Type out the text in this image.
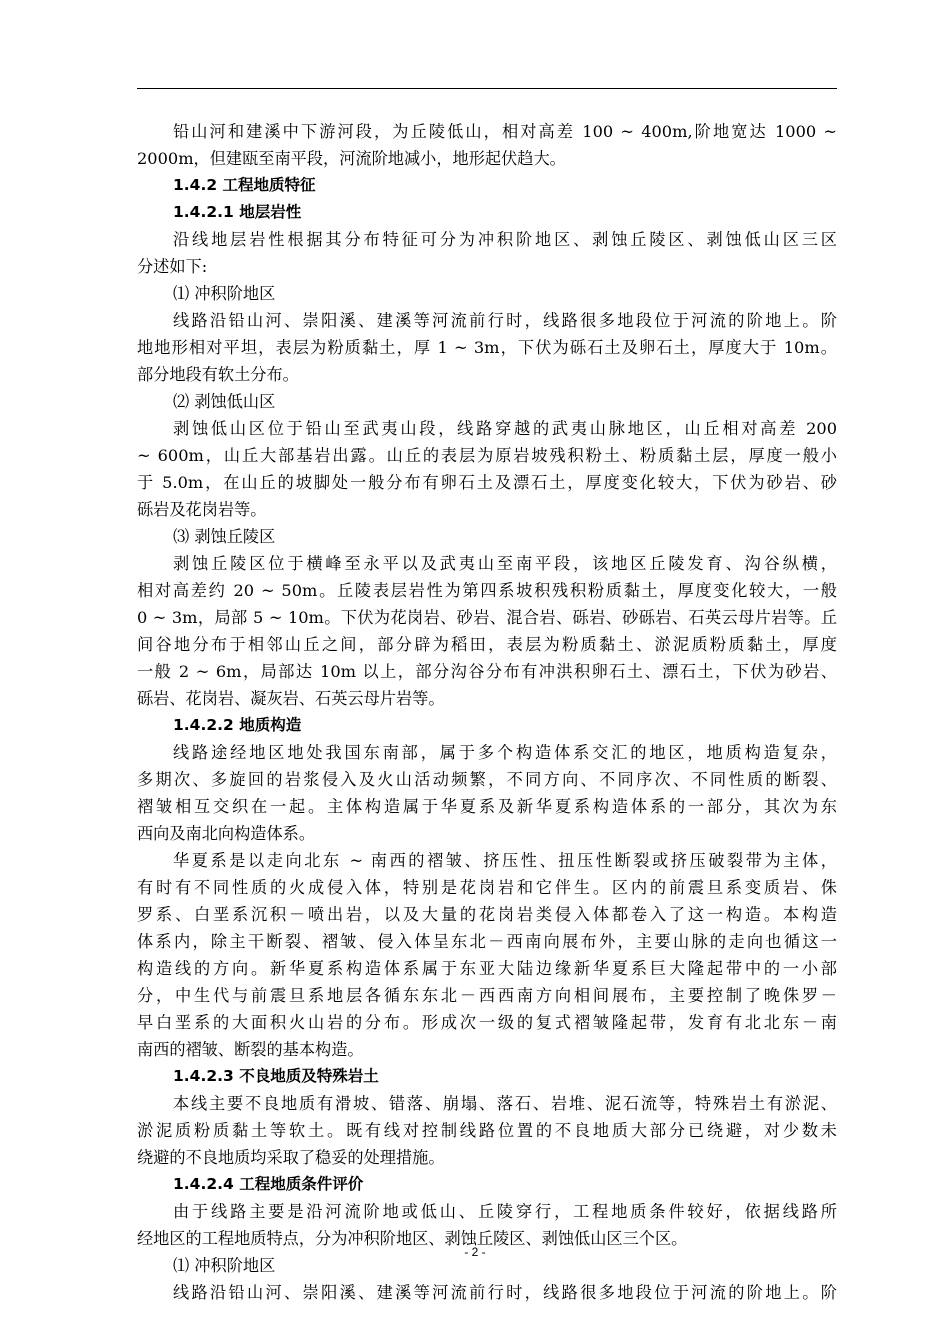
铅山河和建溪中下游河段，为丘陵低山，相对高差 100 ~ 400m,阶地宽达 1000 ~
2000m，但建瓯至南平段，河流阶地减小，地形起伏趋大。
1.4.2 工程地质特征
1.4.2.1 地层岩性
沿线地层岩性根据其分布特征可分为冲积阶地区、剥蚀丘陵区、剥蚀低山区三区
分述如下:
⑴ 冲积阶地区
线路沿铅山河、崇阳溪、建溪等河流前行时，线路很多地段位于河流的阶地上。阶
地地形相对平坦，表层为粉质黏土，厚 1 ~ 3m，下伏为砾石土及卵石土，厚度大于 10m。
部分地段有软土分布。
⑵ 剥蚀低山区
剥蚀低山区位于铅山至武夷山段，线路穿越的武夷山脉地区，山丘相对高差 200
~ 600m，山丘大部基岩出露。山丘的表层为原岩坡残积粉土、粉质黏土层，厚度一般小
于 5.0m，在山丘的坡脚处一般分布有卵石土及漂石土，厚度变化较大，下伏为砂岩、砂
砾岩及花岗岩等。
⑶ 剥蚀丘陵区
剥蚀丘陵区位于横峰至永平以及武夷山至南平段，该地区丘陵发育、沟谷纵横，
相对高差约 20 ~ 50m。丘陵表层岩性为第四系坡积残积粉质黏土，厚度变化较大，一般
0 ~ 3m，局部 5 ~ 10m。下伏为花岗岩、砂岩、混合岩、砾岩、砂砾岩、石英云母片岩等。丘
间谷地分布于相邻山丘之间，部分辟为稻田，表层为粉质黏土、淤泥质粉质黏土，厚度
一般 2 ~ 6m，局部达 10m 以上，部分沟谷分布有冲洪积卵石土、漂石土，下伏为砂岩、
砾岩、花岗岩、凝灰岩、石英云母片岩等。
1.4.2.2 地质构造
线路途经地区地处我国东南部，属于多个构造体系交汇的地区，地质构造复杂，
多期次、多旋回的岩浆侵入及火山活动频繁，不同方向、不同序次、不同性质的断裂、
褶皱相互交织在一起。主体构造属于华夏系及新华夏系构造体系的一部分，其次为东
西向及南北向构造体系。
华夏系是以走向北东 ~ 南西的褶皱、挤压性、扭压性断裂或挤压破裂带为主体，
有时有不同性质的火成侵入体，特别是花岗岩和它伴生。区内的前震旦系变质岩、侏
罗系、白垩系沉积－喷出岩，以及大量的花岗岩类侵入体都卷入了这一构造。本构造
体系内，除主干断裂、褶皱、侵入体呈东北－西南向展布外，主要山脉的走向也循这一
构造线的方向。新华夏系构造体系属于东亚大陆边缘新华夏系巨大隆起带中的一小部
分，中生代与前震旦系地层各循东东北－西西南方向相间展布，主要控制了晚侏罗－
早白垩系的大面积火山岩的分布。形成次一级的复式褶皱隆起带，发育有北北东－南
南西的褶皱、断裂的基本构造。
1.4.2.3 不良地质及特殊岩土
本线主要不良地质有滑坡、错落、崩塌、落石、岩堆、泥石流等，特殊岩土有淤泥、
淤泥质粉质黏土等软土。既有线对控制线路位置的不良地质大部分已绕避，对少数未
绕避的不良地质均采取了稳妥的处理措施。
1.4.2.4 工程地质条件评价
由于线路主要是沿河流阶地或低山、丘陵穿行，工程地质条件较好，依据线路所
经地区的工程地质特点，分为冲积阶地区、剥蚀丘陵区、剥蚀低山区三个区。
⑴ 冲积阶地区
线路沿铅山河、崇阳溪、建溪等河流前行时，线路很多地段位于河流的阶地上。阶
- 2 -
